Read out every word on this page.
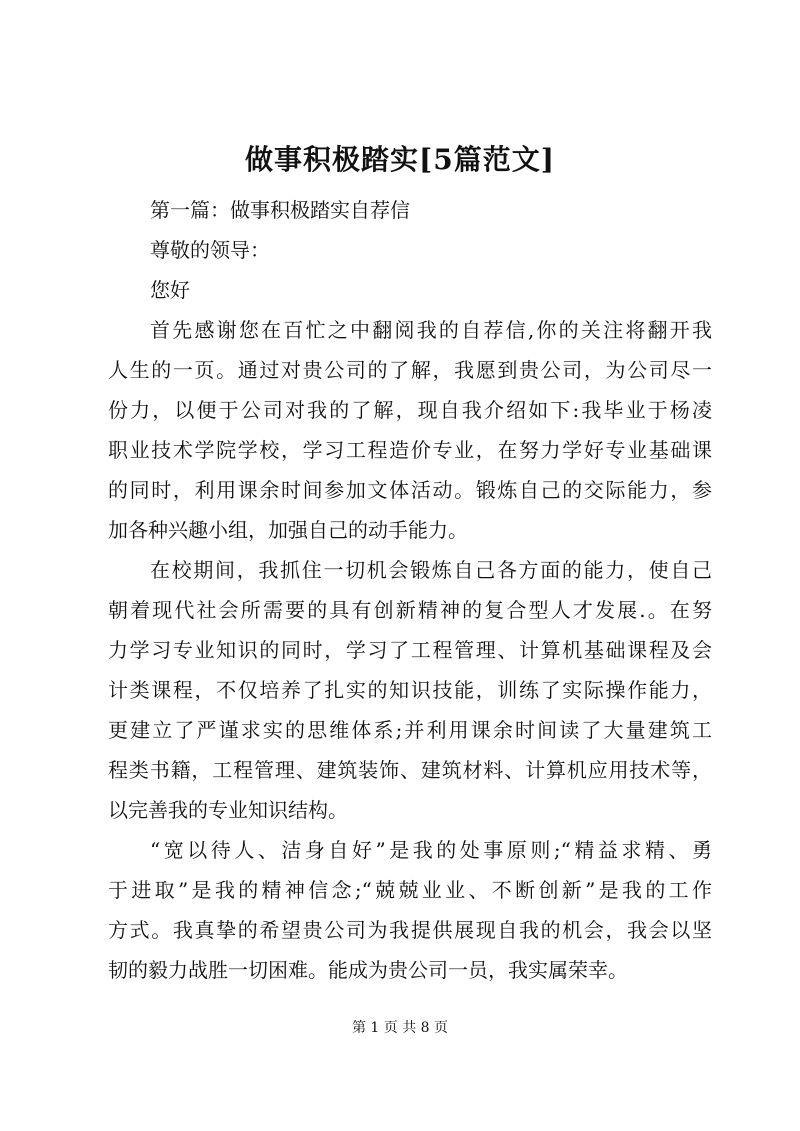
做事积极踏实[5篇范文]

第一篇：做事积极踏实自荐信

尊敬的领导：

您好

首先感谢您在百忙之中翻阅我的自荐信,你的关注将翻开我

人生的一页。通过对贵公司的了解，我愿到贵公司，为公司尽一

份力，以便于公司对我的了解，现自我介绍如下:我毕业于杨凌

职业技术学院学校，学习工程造价专业，在努力学好专业基础课

的同时，利用课余时间参加文体活动。锻炼自己的交际能力，参

加各种兴趣小组，加强自己的动手能力。

在校期间，我抓住一切机会锻炼自己各方面的能力，使自己

朝着现代社会所需要的具有创新精神的复合型人才发展.。在努

力学习专业知识的同时，学习了工程管理、计算机基础课程及会

计类课程，不仅培养了扎实的知识技能，训练了实际操作能力，

更建立了严谨求实的思维体系;并利用课余时间读了大量建筑工

程类书籍，工程管理、建筑装饰、建筑材料、计算机应用技术等，

以完善我的专业知识结构。

“宽以待人、洁身自好”是我的处事原则;“精益求精、勇

于进取”是我的精神信念;“兢兢业业、不断创新”是我的工作

方式。我真挚的希望贵公司为我提供展现自我的机会，我会以坚

韧的毅力战胜一切困难。能成为贵公司一员，我实属荣幸。

第 1 页 共 8 页
